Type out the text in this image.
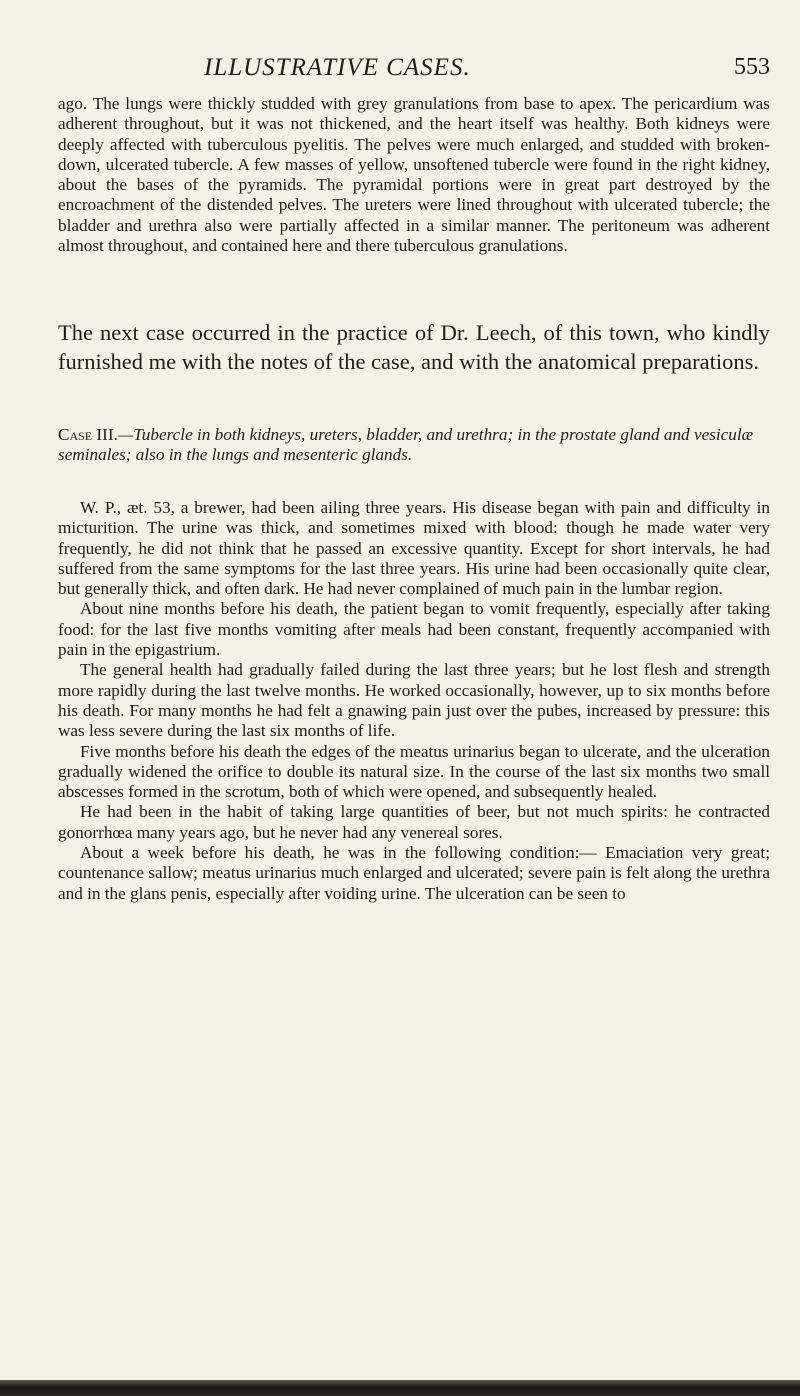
ILLUSTRATIVE CASES.	553

ago. The lungs were thickly studded with grey granulations from base to apex. The pericardium was adherent throughout, but it was not thickened, and the heart itself was healthy. Both kidneys were deeply affected with tuberculous pyelitis. The pelves were much enlarged, and studded with broken-down, ulcerated tubercle. A few masses of yellow, unsoftened tubercle were found in the right kidney, about the bases of the pyramids. The pyramidal portions were in great part destroyed by the encroachment of the distended pelves. The ureters were lined throughout with ulcerated tubercle; the bladder and urethra also were partially affected in a similar manner. The peritoneum was adherent almost throughout, and contained here and there tuberculous granulations.

The next case occurred in the practice of Dr. Leech, of this town, who kindly furnished me with the notes of the case, and with the anatomical preparations.

Case III.—Tubercle in both kidneys, ureters, bladder, and urethra; in the prostate gland and vesiculæ seminales; also in the lungs and mesenteric glands.

W. P., æt. 53, a brewer, had been ailing three years. His disease began with pain and difficulty in micturition. The urine was thick, and sometimes mixed with blood: though he made water very frequently, he did not think that he passed an excessive quantity. Except for short intervals, he had suffered from the same symptoms for the last three years. His urine had been occasionally quite clear, but generally thick, and often dark. He had never complained of much pain in the lumbar region.

About nine months before his death, the patient began to vomit frequently, especially after taking food: for the last five months vomiting after meals had been constant, frequently accompanied with pain in the epigastrium.

The general health had gradually failed during the last three years; but he lost flesh and strength more rapidly during the last twelve months. He worked occasionally, however, up to six months before his death. For many months he had felt a gnawing pain just over the pubes, increased by pressure: this was less severe during the last six months of life.

Five months before his death the edges of the meatus urinarius began to ulcerate, and the ulceration gradually widened the orifice to double its natural size. In the course of the last six months two small abscesses formed in the scrotum, both of which were opened, and subsequently healed.

He had been in the habit of taking large quantities of beer, but not much spirits: he contracted gonorrhœa many years ago, but he never had any venereal sores.

About a week before his death, he was in the following condition:— Emaciation very great; countenance sallow; meatus urinarius much enlarged and ulcerated; severe pain is felt along the urethra and in the glans penis, especially after voiding urine. The ulceration can be seen to
